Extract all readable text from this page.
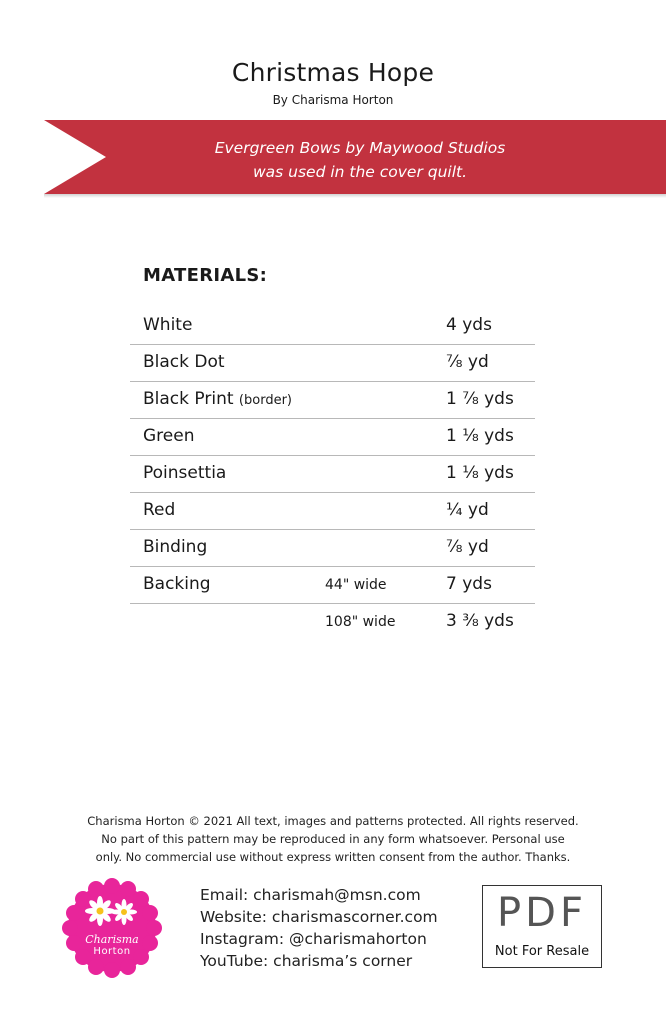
Christmas Hope
By Charisma Horton
Evergreen Bows by Maywood Studios
was used in the cover quilt.
MATERIALS:
White	4 yds
Black Dot	⅞ yd
Black Print (border)	1 ⅞ yds
Green	1 ⅛ yds
Poinsettia	1 ⅛ yds
Red	¼ yd
Binding	⅞ yd
Backing	44" wide	7 yds
108" wide	3 ⅜ yds
Charisma Horton © 2021 All text, images and patterns protected. All rights reserved.
No part of this pattern may be reproduced in any form whatsoever. Personal use
only. No commercial use without express written consent from the author. Thanks.
Charisma
Horton
Email: charismah@msn.com
Website: charismascorner.com
Instagram: @charismahorton
YouTube: charisma’s corner
PDF
Not For Resale
